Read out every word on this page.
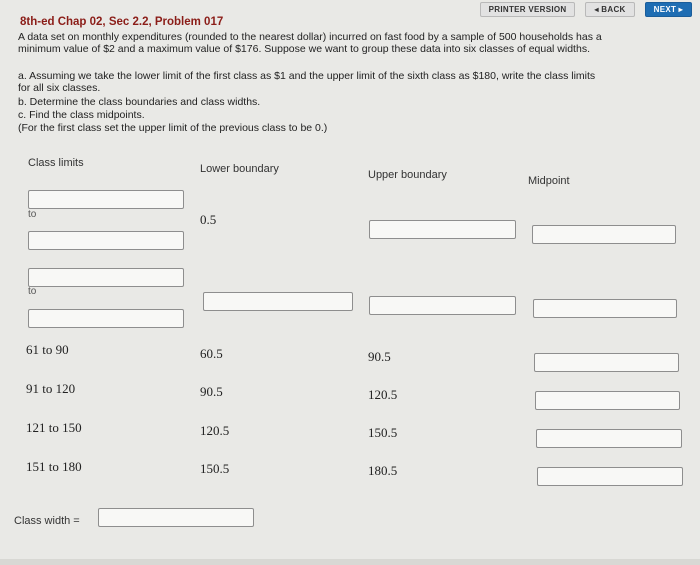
PRINTER VERSION	◂ BACK	NEXT ▸
8th-ed Chap 02, Sec 2.2, Problem 017
A data set on monthly expenditures (rounded to the nearest dollar) incurred on fast food by a sample of 500 households has a
minimum value of $2 and a maximum value of $176. Suppose we want to group these data into six classes of equal widths.
a. Assuming we take the lower limit of the first class as $1 and the upper limit of the sixth class as $180, write the class limits
for all six classes.
b. Determine the class boundaries and class widths.
c. Find the class midpoints.
(For the first class set the upper limit of the previous class to be 0.)
Class limits	Lower boundary	Upper boundary	Midpoint
to	0.5
to
61 to 90	60.5	90.5
91 to 120	90.5	120.5
121 to 150	120.5	150.5
151 to 180	150.5	180.5
Class width =
